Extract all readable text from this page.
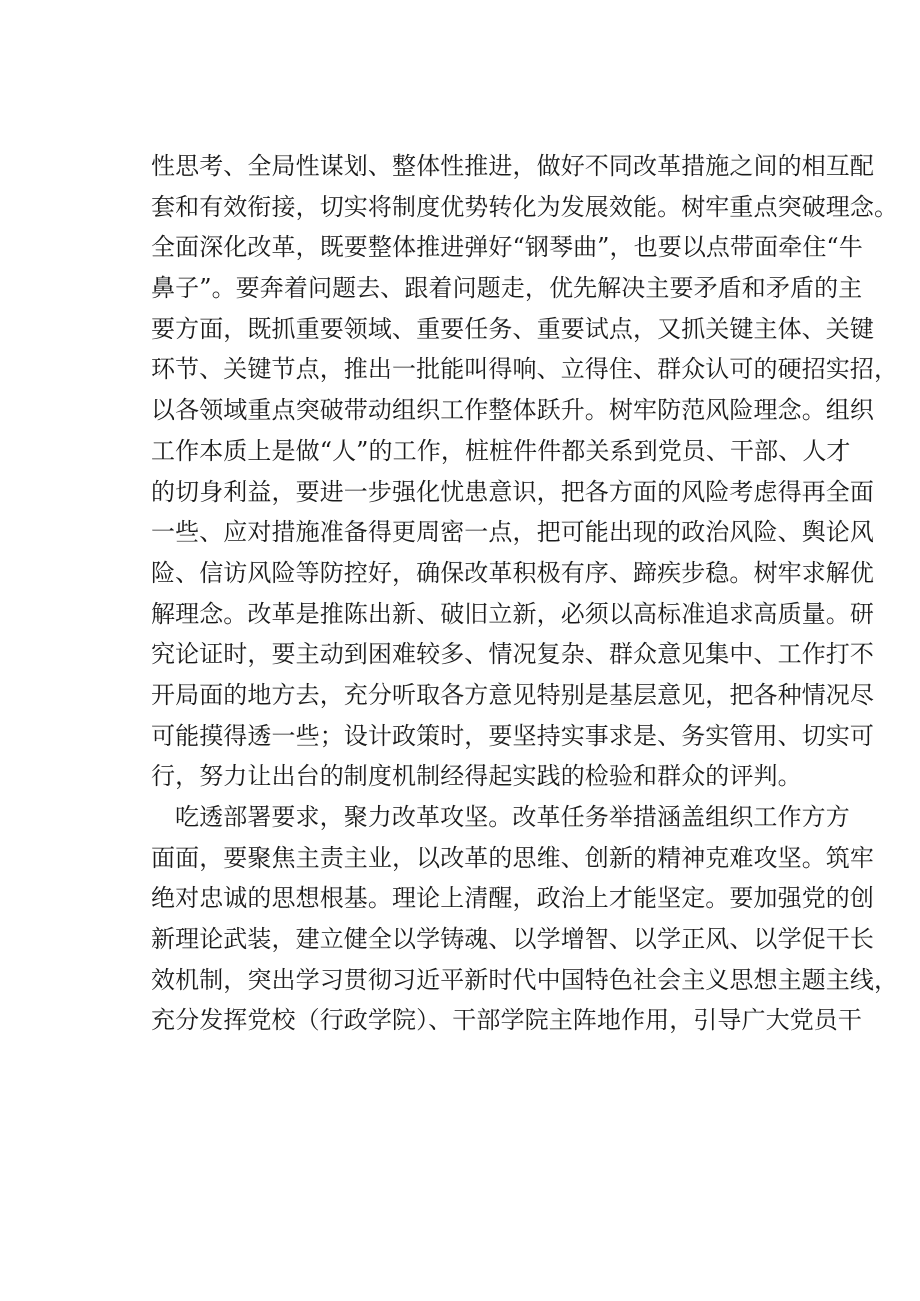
性思考、全局性谋划、整体性推进，做好不同改革措施之间的相互配
套和有效衔接，切实将制度优势转化为发展效能。树牢重点突破理念。
全面深化改革，既要整体推进弹好“钢琴曲”，也要以点带面牵住“牛
鼻子”。要奔着问题去、跟着问题走，优先解决主要矛盾和矛盾的主
要方面，既抓重要领域、重要任务、重要试点，又抓关键主体、关键
环节、关键节点，推出一批能叫得响、立得住、群众认可的硬招实招，
以各领域重点突破带动组织工作整体跃升。树牢防范风险理念。组织
工作本质上是做“人”的工作，桩桩件件都关系到党员、干部、人才
的切身利益，要进一步强化忧患意识，把各方面的风险考虑得再全面
一些、应对措施准备得更周密一点，把可能出现的政治风险、舆论风
险、信访风险等防控好，确保改革积极有序、蹄疾步稳。树牢求解优
解理念。改革是推陈出新、破旧立新，必须以高标准追求高质量。研
究论证时，要主动到困难较多、情况复杂、群众意见集中、工作打不
开局面的地方去，充分听取各方意见特别是基层意见，把各种情况尽
可能摸得透一些；设计政策时，要坚持实事求是、务实管用、切实可
行，努力让出台的制度机制经得起实践的检验和群众的评判。
吃透部署要求，聚力改革攻坚。改革任务举措涵盖组织工作方方
面面，要聚焦主责主业，以改革的思维、创新的精神克难攻坚。筑牢
绝对忠诚的思想根基。理论上清醒，政治上才能坚定。要加强党的创
新理论武装，建立健全以学铸魂、以学增智、以学正风、以学促干长
效机制，突出学习贯彻习近平新时代中国特色社会主义思想主题主线，
充分发挥党校（行政学院）、干部学院主阵地作用，引导广大党员干
